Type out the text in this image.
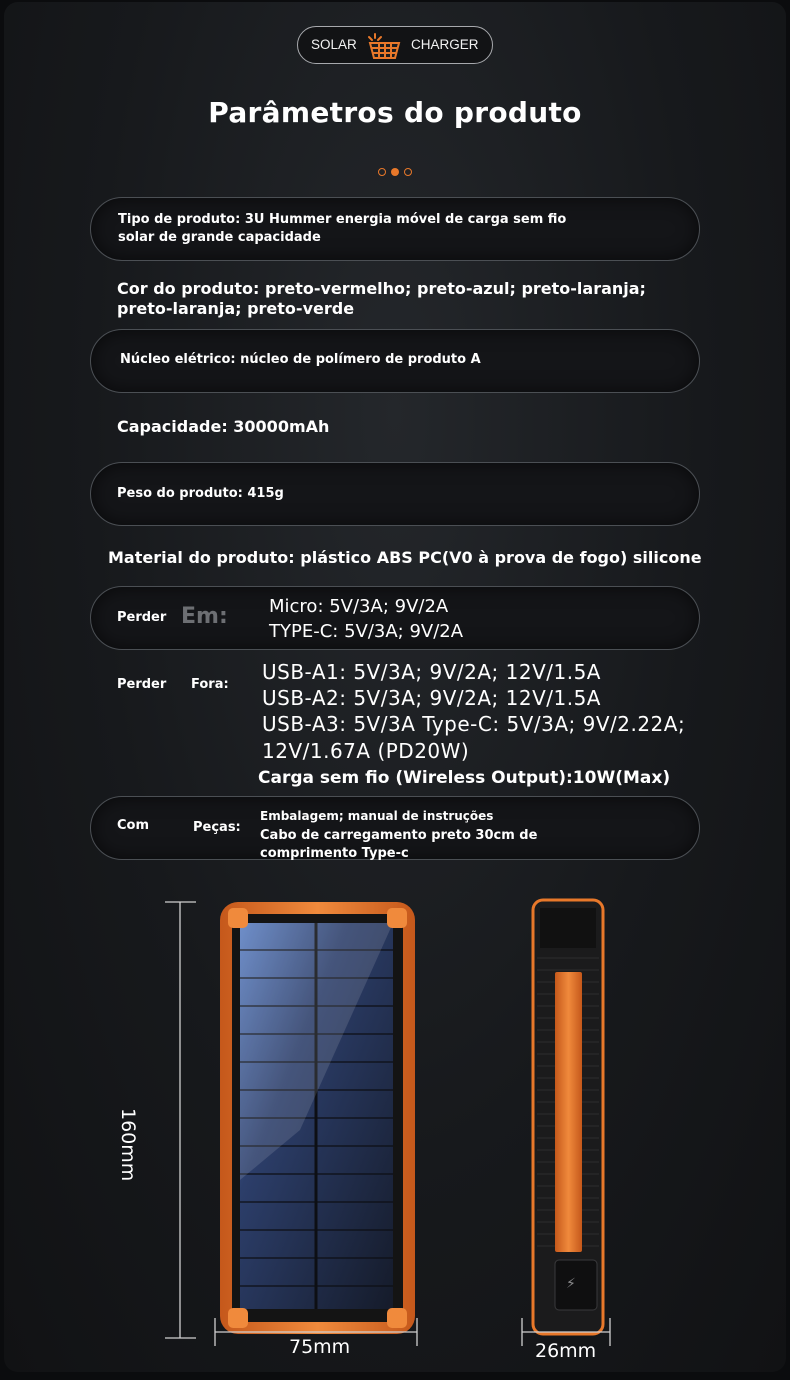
SOLAR	CHARGER
Parâmetros do produto
Tipo de produto: 3U Hummer energia móvel de carga sem fio
solar de grande capacidade
Cor do produto: preto-vermelho; preto-azul; preto-laranja;
preto-laranja; preto-verde
Núcleo elétrico: núcleo de polímero de produto A
Capacidade: 30000mAh
Peso do produto: 415g
Material do produto: plástico ABS PC(V0 à prova de fogo) silicone
Perder Em: Micro: 5V/3A; 9V/2A
TYPE-C: 5V/3A; 9V/2A
Perder Fora:
USB-A1: 5V/3A; 9V/2A; 12V/1.5A
USB-A2: 5V/3A; 9V/2A; 12V/1.5A
USB-A3: 5V/3A Type-C: 5V/3A; 9V/2.22A;
12V/1.67A (PD20W)
Carga sem fio (Wireless Output):10W(Max)
Com	Peças:
Embalagem; manual de instruções
Cabo de carregamento preto 30cm de
comprimento Type-c
⚡
160mm
75mm	26mm
